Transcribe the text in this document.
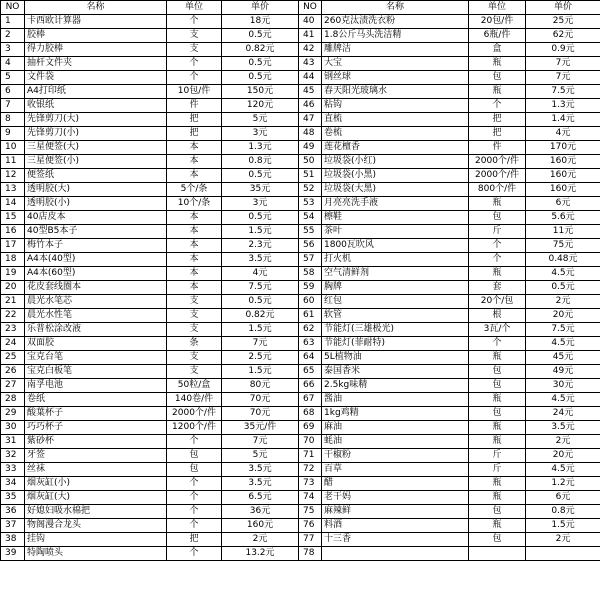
NO	名称	单位	单价	NO	名称	单位	单价
1	卡西欧计算器	个	18元	40	260克汰渍洗衣粉	20包/件	25元
2	胶棒	支	0.5元	41	1.8公斤马头洗洁精	6瓶/件	62元
3	得力胶棒	支	0.82元	42	雕牌洁	盒	0.9元
4	抽杆文件夹	个	0.5元	43	大宝	瓶	7元
5	文件袋	个	0.5元	44	钢丝球	包	7元
6	A4打印纸	10包/件	150元	45	春天阳光玻璃水	瓶	7.5元
7	收银纸	件	120元	46	粘钩	个	1.3元
8	先锋剪刀(大)	把	5元	47	直梳	把	1.4元
9	先锋剪刀(小)	把	3元	48	卷梳	把	4元
10	三星便签(大)	本	1.3元	49	莲花檀香	件	170元
11	三星便签(小)	本	0.8元	50	垃圾袋(小红)	2000个/件	160元
12	便签纸	本	0.5元	51	垃圾袋(小黑)	2000个/件	160元
13	透明胶(大)	5个/条	35元	52	垃圾袋(大黑)	800个/件	160元
14	透明胶(小)	10个/条	3元	53	月亮亮洗手液	瓶	6元
15	40店皮本	本	0.5元	54	檫鞋	包	5.6元
16	40型B5本子	本	1.5元	55	茶叶	斤	11元
17	梅竹本子	本	2.3元	56	1800瓦吹风	个	75元
18	A4本(40型)	本	3.5元	57	打火机	个	0.48元
19	A4本(60型)	本	4元	58	空气清鲜剂	瓶	4.5元
20	花皮套线圈本	本	7.5元	59	胸牌	套	0.5元
21	晨光水笔芯	支	0.5元	60	红包	20个/包	2元
22	晨光水性笔	支	0.82元	61	软管	根	20元
23	乐普松涂改液	支	1.5元	62	节能灯(三雄极光)	3瓦/个	7.5元
24	双面胶	条	7元	63	节能灯(菲耐特)	个	4.5元
25	宝克台笔	支	2.5元	64	5L植物油	瓶	45元
26	宝克白板笔	支	1.5元	65	泰国香米	包	49元
27	南孚电池	50粒/盒	80元	66	2.5kg味精	包	30元
28	卷纸	140卷/件	70元	67	酱油	瓶	4.5元
29	酸葉杯子	2000个/件	70元	68	1kg鸡精	包	24元
30	巧巧杯子	1200个/件	35元/件	69	麻油	瓶	3.5元
31	紫砂杯	个	7元	70	蚝油	瓶	2元
32	牙签	包	5元	71	干椒粉	斤	20元
33	丝袜	包	3.5元	72	百草	斤	4.5元
34	烟灰缸(小)	个	3.5元	73	醋	瓶	1.2元
35	烟灰缸(大)	个	6.5元	74	老干妈	瓶	6元
36	好媳妇吸水棉把	个	36元	75	麻辣鲜	包	0.8元
37	物阁漫合龙头	个	160元	76	料酒	瓶	1.5元
38	挂钩	把	2元	77	十三香	包	2元
39	特陶喷头	个	13.2元	78			
